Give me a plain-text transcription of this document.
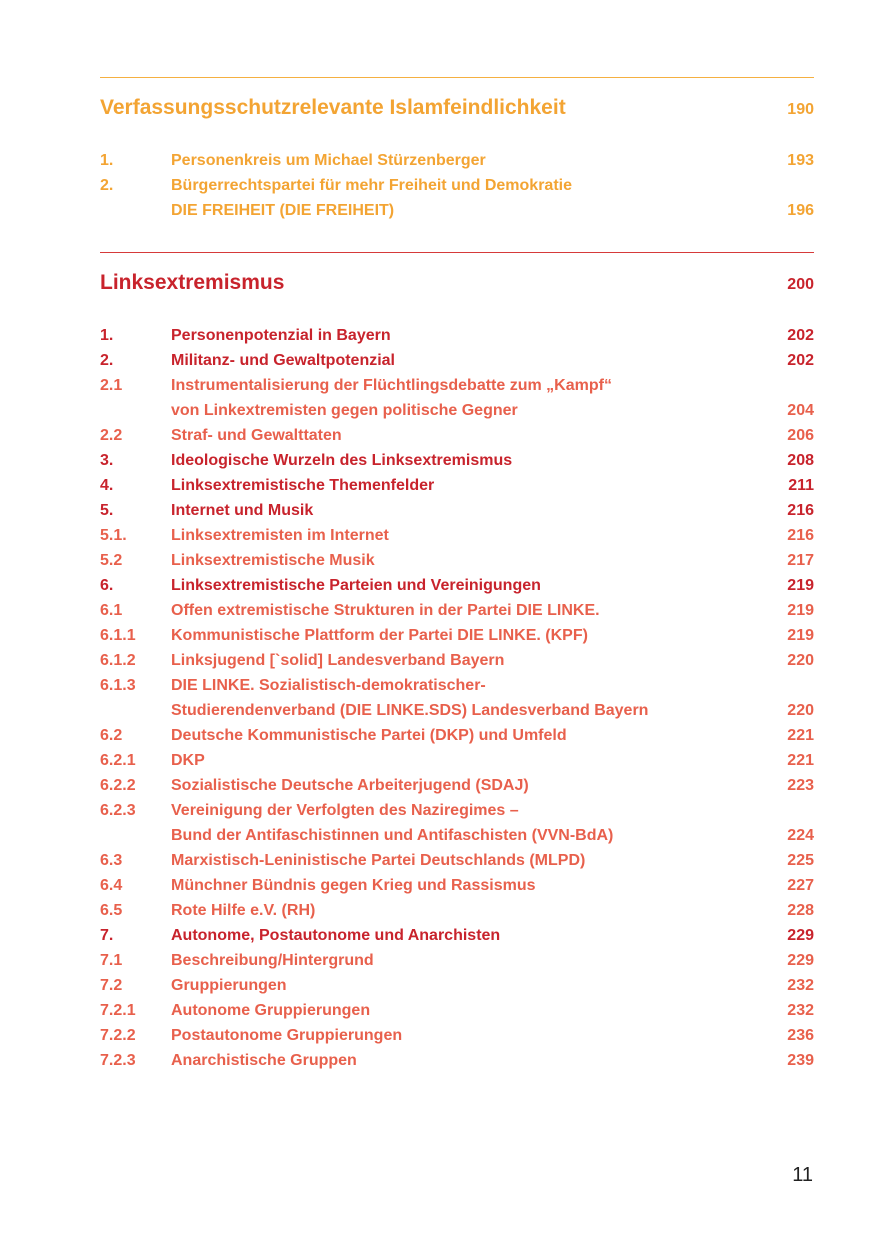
Verfassungsschutzrelevante Islamfeindlichkeit	190
1.	Personenkreis um Michael Stürzenberger	193
2.	Bürgerrechtspartei für mehr Freiheit und Demokratie
DIE FREIHEIT (DIE FREIHEIT)	196
Linksextremismus	200
1.	Personenpotenzial in Bayern	202
2.	Militanz- und Gewaltpotenzial	202
2.1	Instrumentalisierung der Flüchtlingsdebatte zum „Kampf“
von Linkextremisten gegen politische Gegner	204
2.2	Straf- und Gewalttaten	206
3.	Ideologische Wurzeln des Linksextremismus	208
4.	Linksextremistische Themenfelder	211
5.	Internet und Musik	216
5.1.	Linksextremisten im Internet	216
5.2	Linksextremistische Musik	217
6.	Linksextremistische Parteien und Vereinigungen	219
6.1	Offen extremistische Strukturen in der Partei DIE LINKE.	219
6.1.1	Kommunistische Plattform der Partei DIE LINKE. (KPF)	219
6.1.2	Linksjugend [`solid] Landesverband Bayern	220
6.1.3	DIE LINKE. Sozialistisch-demokratischer-
Studierendenverband (DIE LINKE.SDS) Landesverband Bayern	220
6.2	Deutsche Kommunistische Partei (DKP) und Umfeld	221
6.2.1	DKP	221
6.2.2	Sozialistische Deutsche Arbeiterjugend (SDAJ)	223
6.2.3	Vereinigung der Verfolgten des Naziregimes –
Bund der Antifaschistinnen und Antifaschisten (VVN-BdA)	224
6.3	Marxistisch-Leninistische Partei Deutschlands (MLPD)	225
6.4	Münchner Bündnis gegen Krieg und Rassismus	227
6.5	Rote Hilfe e.V. (RH)	228
7.	Autonome, Postautonome und Anarchisten	229
7.1	Beschreibung/Hintergrund	229
7.2	Gruppierungen	232
7.2.1	Autonome Gruppierungen	232
7.2.2	Postautonome Gruppierungen	236
7.2.3	Anarchistische Gruppen	239
11
